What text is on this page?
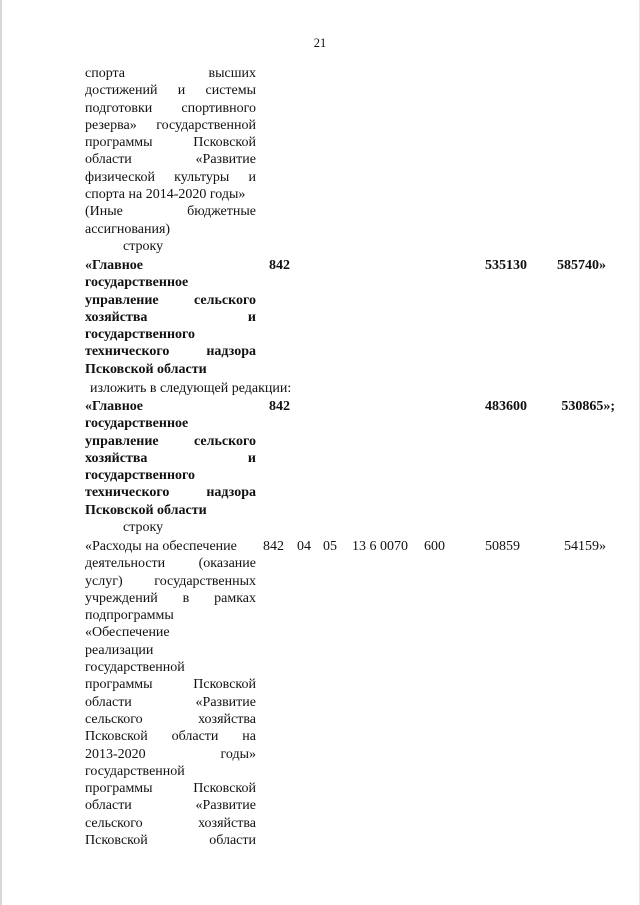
21
спорта высших
достижений и системы
подготовки спортивного
резерва» государственной
программы Псковской
области «Развитие
физической культуры и
спорта на 2014-2020 годы»
(Иные бюджетные
ассигнования)
строку
«Главное
государственное
управление сельского
хозяйства и
государственного
технического надзора
Псковской области
842	535130	585740»
изложить в следующей редакции:
«Главное
государственное
управление сельского
хозяйства и
государственного
технического надзора
Псковской области
строку
842	483600	530865»;
«Расходы на обеспечение
деятельности (оказание
услуг) государственных
учреждений в рамках
подпрограммы
«Обеспечение
реализации
государственной
программы Псковской
области «Развитие
сельского хозяйства
Псковской области на
2013-2020 годы»
государственной
программы Псковской
области «Развитие
сельского хозяйства
Псковской области
842 04 05 13 6 0070 600	50859	54159»
